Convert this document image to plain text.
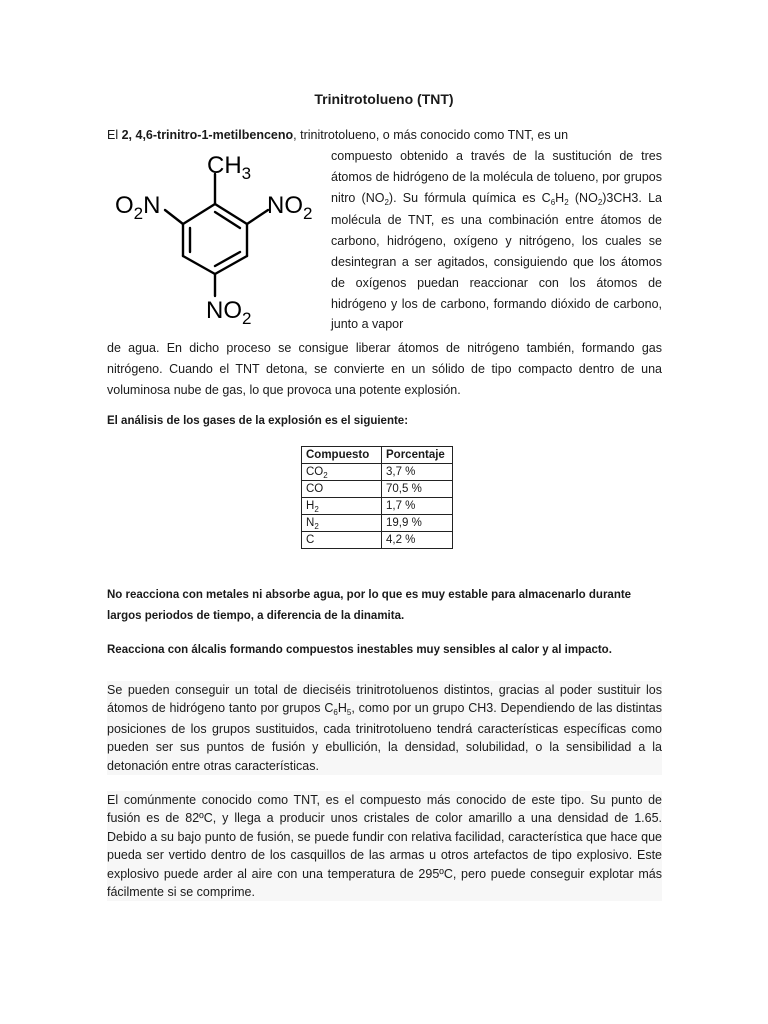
Trinitrotolueno (TNT)
El 2, 4,6-trinitro-1-metilbenceno, trinitrotolueno, o más conocido como TNT, es un
$CH_3$
$O_2N$	$NO_2$
$NO_2$
compuesto obtenido a través de la sustitución de tres átomos de hidrógeno de la molécula de tolueno, por grupos nitro $(NO_2)$. Su fórmula química es $C_6H_2$ $(NO_2)3CH3$. La molécula de TNT, es una combinación entre átomos de carbono, hidrógeno, oxígeno y nitrógeno, los cuales se desintegran a ser agitados, consiguiendo que los átomos de oxígenos puedan reaccionar con los átomos de hidrógeno y los de carbono, formando dióxido de carbono, junto a vapor
de agua. En dicho proceso se consigue liberar átomos de nitrógeno también, formando gas nitrógeno. Cuando el TNT detona, se convierte en un sólido de tipo compacto dentro de una voluminosa nube de gas, lo que provoca una potente explosión.
El análisis de los gases de la explosión es el siguiente:
Compuesto	Porcentaje
$CO_2$	3,7 %
CO	70,5 %
$H_2$	1,7 %
$N_2$	19,9 %
C	4,2 %
No reacciona con metales ni absorbe agua, por lo que es muy estable para almacenarlo durante largos periodos de tiempo, a diferencia de la dinamita.
Reacciona con álcalis formando compuestos inestables muy sensibles al calor y al impacto.
Se pueden conseguir un total de dieciséis trinitrotoluenos distintos, gracias al poder sustituir los átomos de hidrógeno tanto por grupos $C_6H_5$, como por un grupo CH3. Dependiendo de las distintas posiciones de los grupos sustituidos, cada trinitrotolueno tendrá características específicas como pueden ser sus puntos de fusión y ebullición, la densidad, solubilidad, o la sensibilidad a la detonación entre otras características.
El comúnmente conocido como TNT, es el compuesto más conocido de este tipo. Su punto de fusión es de 82ºC, y llega a producir unos cristales de color amarillo a una densidad de 1.65. Debido a su bajo punto de fusión, se puede fundir con relativa facilidad, característica que hace que pueda ser vertido dentro de los casquillos de las armas u otros artefactos de tipo explosivo. Este explosivo puede arder al aire con una temperatura de 295ºC, pero puede conseguir explotar más fácilmente si se comprime.
